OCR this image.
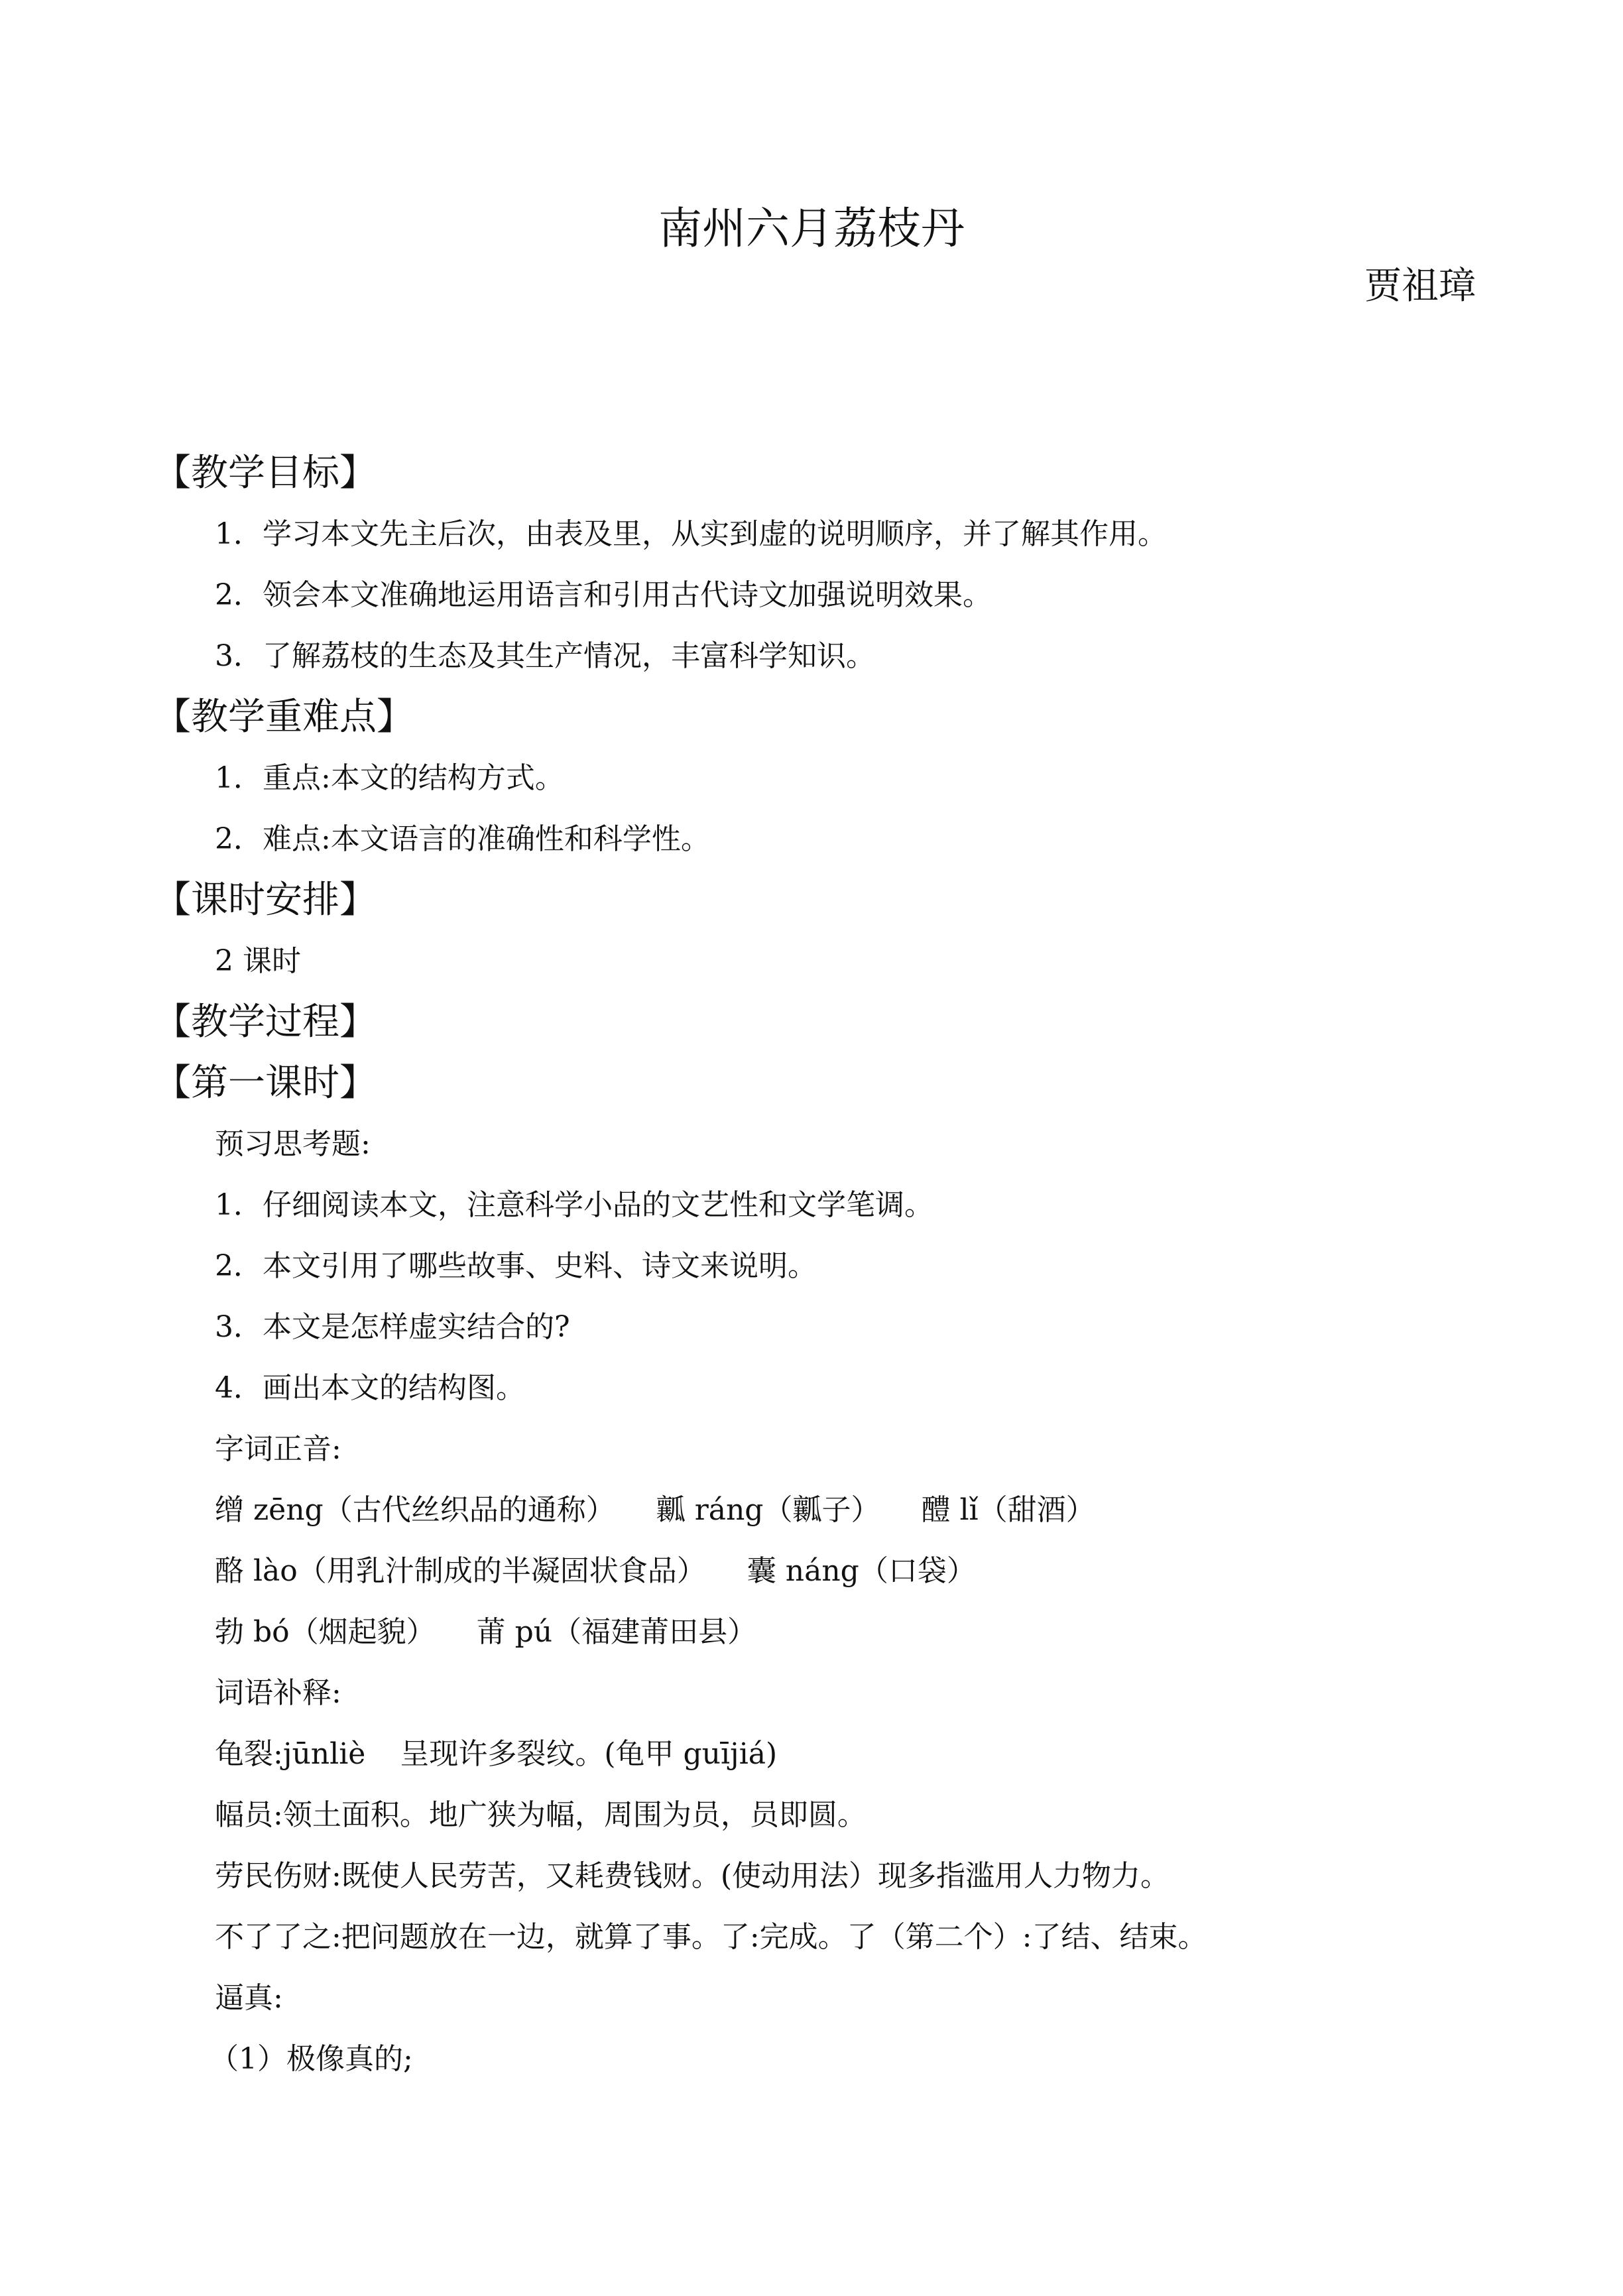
南州六月荔枝丹
贾祖璋
【教学目标】
1．学习本文先主后次，由表及里，从实到虚的说明顺序，并了解其作用。
2．领会本文准确地运用语言和引用古代诗文加强说明效果。
3．了解荔枝的生态及其生产情况，丰富科学知识。
【教学重难点】
1．重点:本文的结构方式。
2．难点:本文语言的准确性和科学性。
【课时安排】
2 课时
【教学过程】
【第一课时】
预习思考题:
1．仔细阅读本文，注意科学小品的文艺性和文学笔调。
2．本文引用了哪些故事、史料、诗文来说明。
3．本文是怎样虚实结合的?
4．画出本文的结构图。
字词正音:
缯 zēng（古代丝织品的通称） 瓤 ráng（瓤子） 醴 lǐ（甜酒）
酪 lào（用乳汁制成的半凝固状食品） 囊 náng（口袋）
勃 bó（烟起貌） 莆 pú（福建莆田县）
词语补释:
龟裂:jūnliè 呈现许多裂纹。(龟甲 guījiá)
幅员:领土面积。地广狭为幅，周围为员，员即圆。
劳民伤财:既使人民劳苦，又耗费钱财。(使动用法）现多指滥用人力物力。
不了了之:把问题放在一边，就算了事。了:完成。了（第二个）:了结、结束。
逼真:
（1）极像真的;
